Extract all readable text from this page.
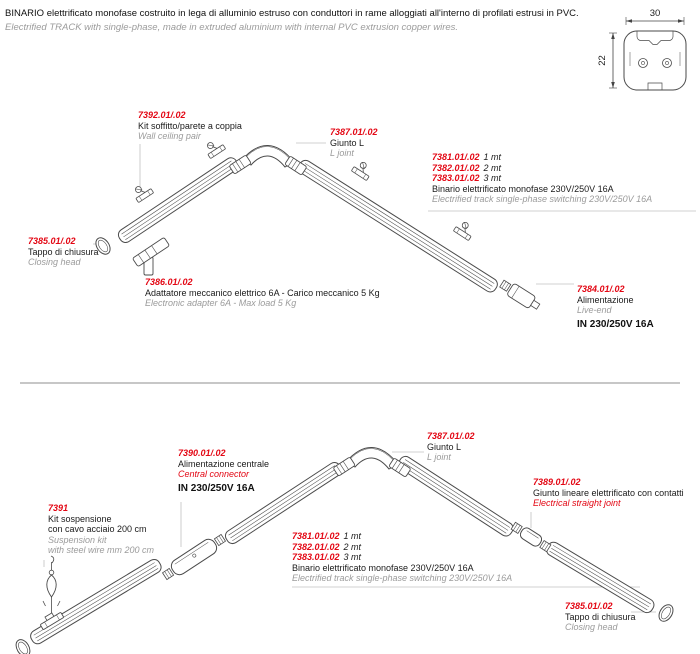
30
22
BINARIO elettrificato monofase costruito in lega di alluminio estruso con conduttori in rame alloggiati all'interno di profilati estrusi in PVC.
Electrified TRACK with single-phase, made in extruded aluminium with internal PVC extrusion copper wires.
7392.01/.02
Kit soffitto/parete a coppia
Wall ceiling pair	7387.01/.02
Giunto L
L joint	7381.01/.02 1 mt
7382.01/.02 2 mt
7383.01/.02 3 mt
Binario elettrificato monofase 230V/250V 16A
Electrified track single-phase switching 230V/250V 16A
7385.01/.02
Tappo di chiusura
Closing head
7386.01/.02
Adattatore meccanico elettrico 6A - Carico meccanico 5 Kg
Electronic adapter 6A - Max load 5 Kg
7384.01/.02
Alimentazione
Live-end
IN 230/250V 16A
7390.01/.02
Alimentazione centrale
Central connector
IN 230/250V 16A
7387.01/.02
Giunto L
L joint
7389.01/.02
Giunto lineare elettrificato con contatti
Electrical straight joint
7391
Kit sospensione
con cavo acciaio 200 cm
Suspension kit
with steel wire mm 200 cm
7381.01/.02 1 mt
7382.01/.02 2 mt
7383.01/.02 3 mt
Binario elettrificato monofase 230V/250V 16A
Electrified track single-phase switching 230V/250V 16A
7385.01/.02
Tappo di chiusura
Closing head
